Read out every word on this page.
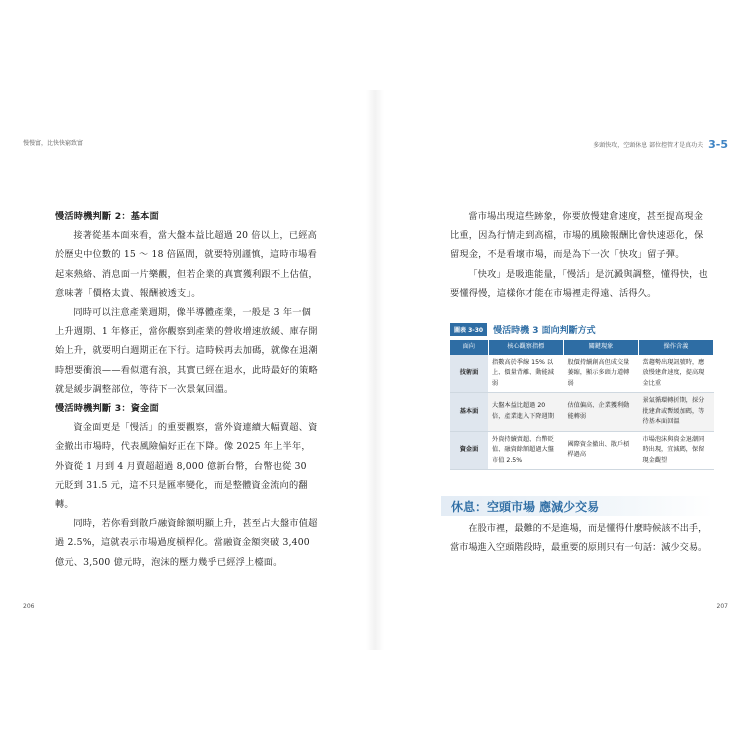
慢慢富，比快快窮致富

慢活時機判斷 2：基本面

接著從基本面來看，當大盤本益比超過 20 倍以上，已經高於歷史中位數的 15 ～ 18 倍區間，就要特別謹慎，這時市場看起來熱絡、消息面一片樂觀，但若企業的真實獲利跟不上估值，意味著「價格太貴、報酬被透支」。

同時可以注意產業週期，像半導體產業，一般是 3 年一個上升週期、1 年修正，當你觀察到產業的營收增速放緩、庫存開始上升，就要明白週期正在下行。這時候再去加碼，就像在退潮時想要衝浪——看似還有浪，其實已經在退水，此時最好的策略就是緩步調整部位，等待下一次景氣回溫。

慢活時機判斷 3：資金面

資金面更是「慢活」的重要觀察，當外資連續大幅賣超、資金撤出市場時，代表風險偏好正在下降。像 2025 年上半年，外資從 1 月到 4 月賣超超過 8,000 億新台幣，台幣也從 30 元貶到 31.5 元，這不只是匯率變化，而是整體資金流向的翻轉。

同時，若你看到散戶融資餘額明顯上升，甚至占大盤市值超過 2.5%，這就表示市場過度槓桿化。當融資金額突破 3,400 億元、3,500 億元時，泡沫的壓力幾乎已經浮上檯面。

206
多頭快攻，空頭休息 部位控管才是真功夫 3-5

當市場出現這些跡象，你要放慢建倉速度，甚至提高現金比重，因為行情走到高檔，市場的風險報酬比會快速惡化，保留現金，不是看壞市場，而是為下一次「快攻」留子彈。

「快攻」是吸進能量，「慢活」是沉澱與調整，懂得快，也要懂得慢，這樣你才能在市場裡走得遠、活得久。

圖表 3-30	慢活時機 3 面向判斷方式
面向	核心觀察指標	關鍵現象	操作含義
技術面	指數高於季線 15% 以上、價量背離、動能減弱	股價持續創高但成交量萎縮，顯示多頭力道轉弱	當趨勢出現訊號時，應放慢建倉速度，提高現金比重
基本面	大盤本益比超過 20 倍，產業進入下降週期	估值偏高、企業獲利動能轉弱	景氣循環轉折期，採分批建倉或暫緩加碼，等待基本面回溫
資金面	外資持續賣超、台幣貶值、融資餘額超過大盤市值 2.5%	國際資金撤出、散戶槓桿過高	市場泡沫與資金退潮同時出現，宜減碼，保留現金觀望
休息：空頭市場 應減少交易

在股市裡，最難的不是進場，而是懂得什麼時候該不出手，當市場進入空頭階段時，最重要的原則只有一句話：減少交易。

207
